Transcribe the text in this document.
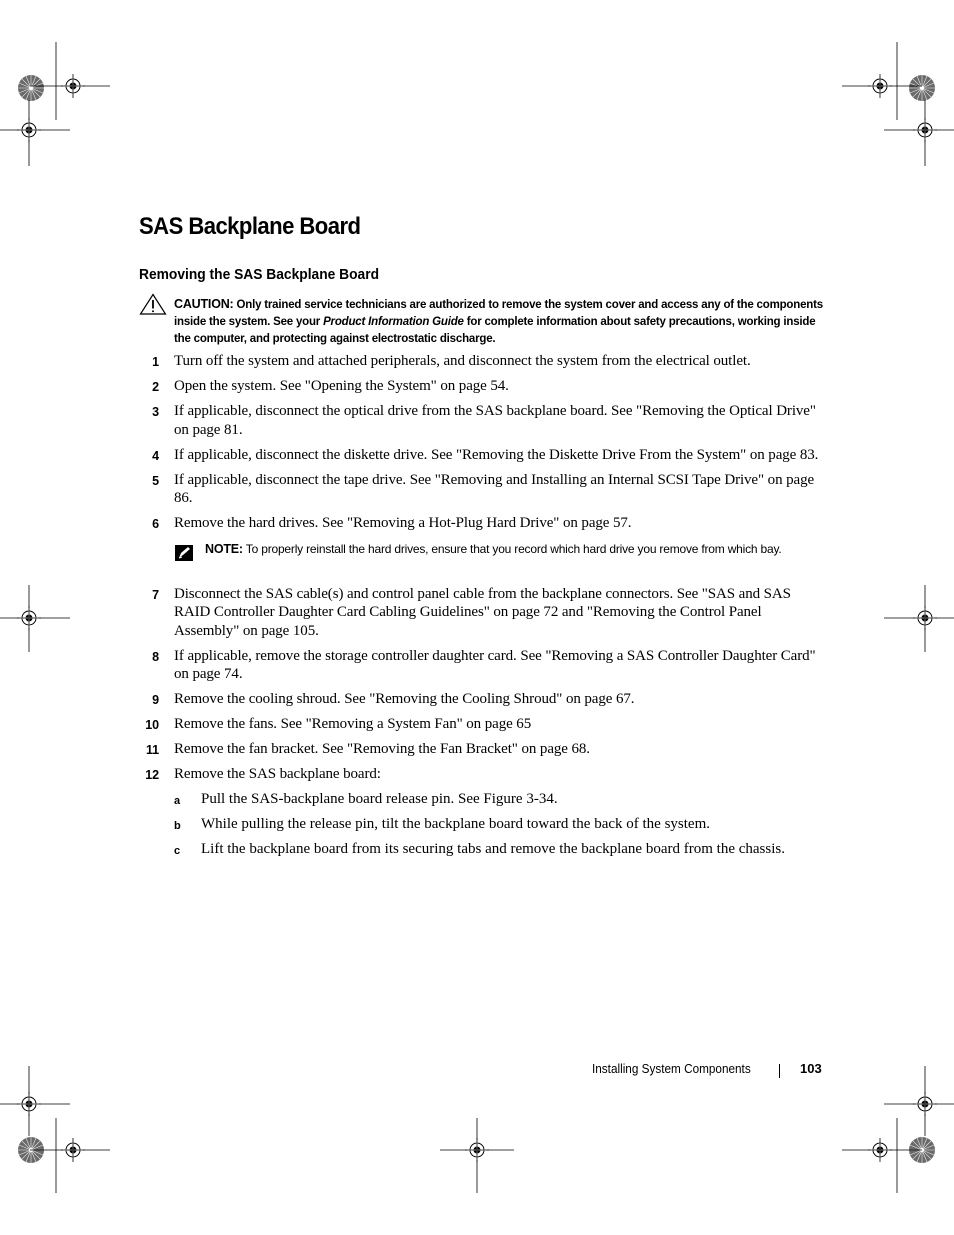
SAS Backplane Board
Removing the SAS Backplane Board
CAUTION: Only trained service technicians are authorized to remove the system cover and access any of the components inside the system. See your Product Information Guide for complete information about safety precautions, working inside the computer, and protecting against electrostatic discharge.
1 Turn off the system and attached peripherals, and disconnect the system from the electrical outlet.
2 Open the system. See "Opening the System" on page 54.
3 If applicable, disconnect the optical drive from the SAS backplane board. See "Removing the Optical Drive" on page 81.
4 If applicable, disconnect the diskette drive. See "Removing the Diskette Drive From the System" on page 83.
5 If applicable, disconnect the tape drive. See "Removing and Installing an Internal SCSI Tape Drive" on page 86.
6 Remove the hard drives. See "Removing a Hot-Plug Hard Drive" on page 57.
NOTE: To properly reinstall the hard drives, ensure that you record which hard drive you remove from which bay.
7 Disconnect the SAS cable(s) and control panel cable from the backplane connectors. See "SAS and SAS RAID Controller Daughter Card Cabling Guidelines" on page 72 and "Removing the Control Panel Assembly" on page 105.
8 If applicable, remove the storage controller daughter card. See "Removing a SAS Controller Daughter Card" on page 74.
9 Remove the cooling shroud. See "Removing the Cooling Shroud" on page 67.
10 Remove the fans. See "Removing a System Fan" on page 65
11 Remove the fan bracket. See "Removing the Fan Bracket" on page 68.
12 Remove the SAS backplane board:
a Pull the SAS-backplane board release pin. See Figure 3-34.
b While pulling the release pin, tilt the backplane board toward the back of the system.
c Lift the backplane board from its securing tabs and remove the backplane board from the chassis.
Installing System Components	103
